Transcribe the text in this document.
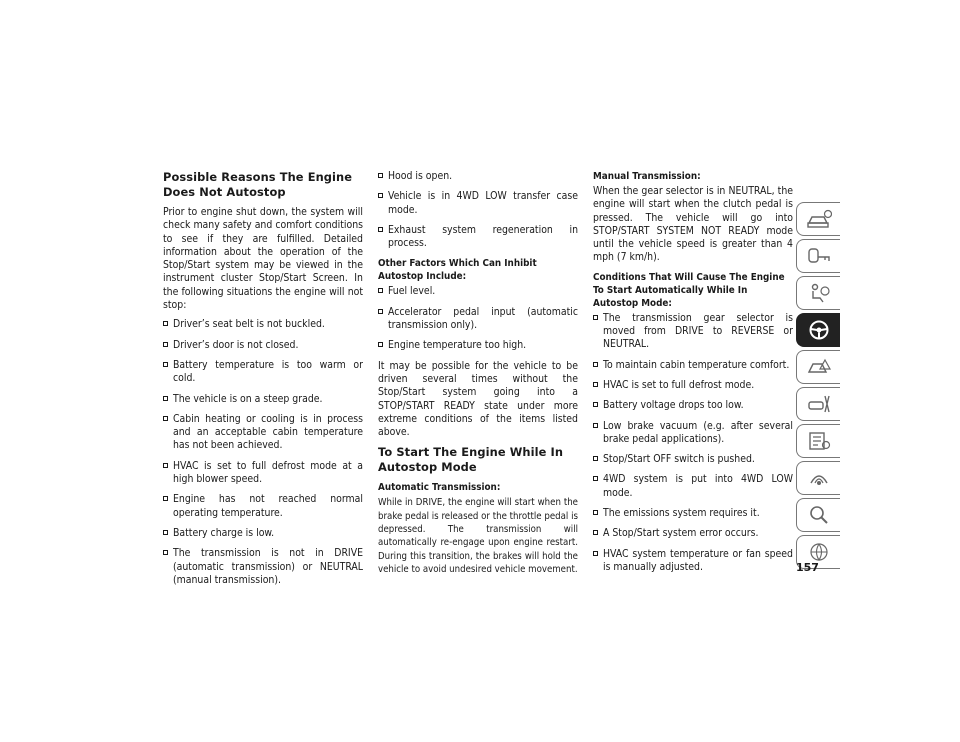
Possible Reasons The Engine Does Not Autostop

Prior to engine shut down, the system will check many safety and comfort conditions to see if they are fulfilled. Detailed information about the operation of the Stop/Start system may be viewed in the instrument cluster Stop/Start Screen. In the following situations the engine will not stop:

Driver’s seat belt is not buckled.
Driver’s door is not closed.
Battery temperature is too warm or cold.
The vehicle is on a steep grade.
Cabin heating or cooling is in process and an acceptable cabin temperature has not been achieved.
HVAC is set to full defrost mode at a high blower speed.
Engine has not reached normal operating temperature.
Battery charge is low.
The transmission is not in DRIVE (automatic transmission) or NEUTRAL (manual transmission).
Hood is open.
Vehicle is in 4WD LOW transfer case mode.
Exhaust system regeneration in process.
Other Factors Which Can Inhibit Autostop Include:
Fuel level.
Accelerator pedal input (automatic transmission only).
Engine temperature too high.

It may be possible for the vehicle to be driven several times without the Stop/Start system going into a STOP/START READY state under more extreme conditions of the items listed above.

To Start The Engine While In Autostop Mode
Automatic Transmission:

While in DRIVE, the engine will start when the brake pedal is released or the throttle pedal is depressed. The transmission will automatically re-engage upon engine restart. During this transition, the brakes will hold the vehicle to avoid undesired vehicle movement.

Manual Transmission:

When the gear selector is in NEUTRAL, the engine will start when the clutch pedal is pressed. The vehicle will go into STOP/START SYSTEM NOT READY mode until the vehicle speed is greater than 4 mph (7 km/h).

Conditions That Will Cause The Engine To Start Automatically While In Autostop Mode:
The transmission gear selector is moved from DRIVE to REVERSE or NEUTRAL.
To maintain cabin temperature comfort.
HVAC is set to full defrost mode.
Battery voltage drops too low.
Low brake vacuum (e.g. after several brake pedal applications).
Stop/Start OFF switch is pushed.
4WD system is put into 4WD LOW mode.
The emissions system requires it.
A Stop/Start system error occurs.
HVAC system temperature or fan speed is manually adjusted.	157
